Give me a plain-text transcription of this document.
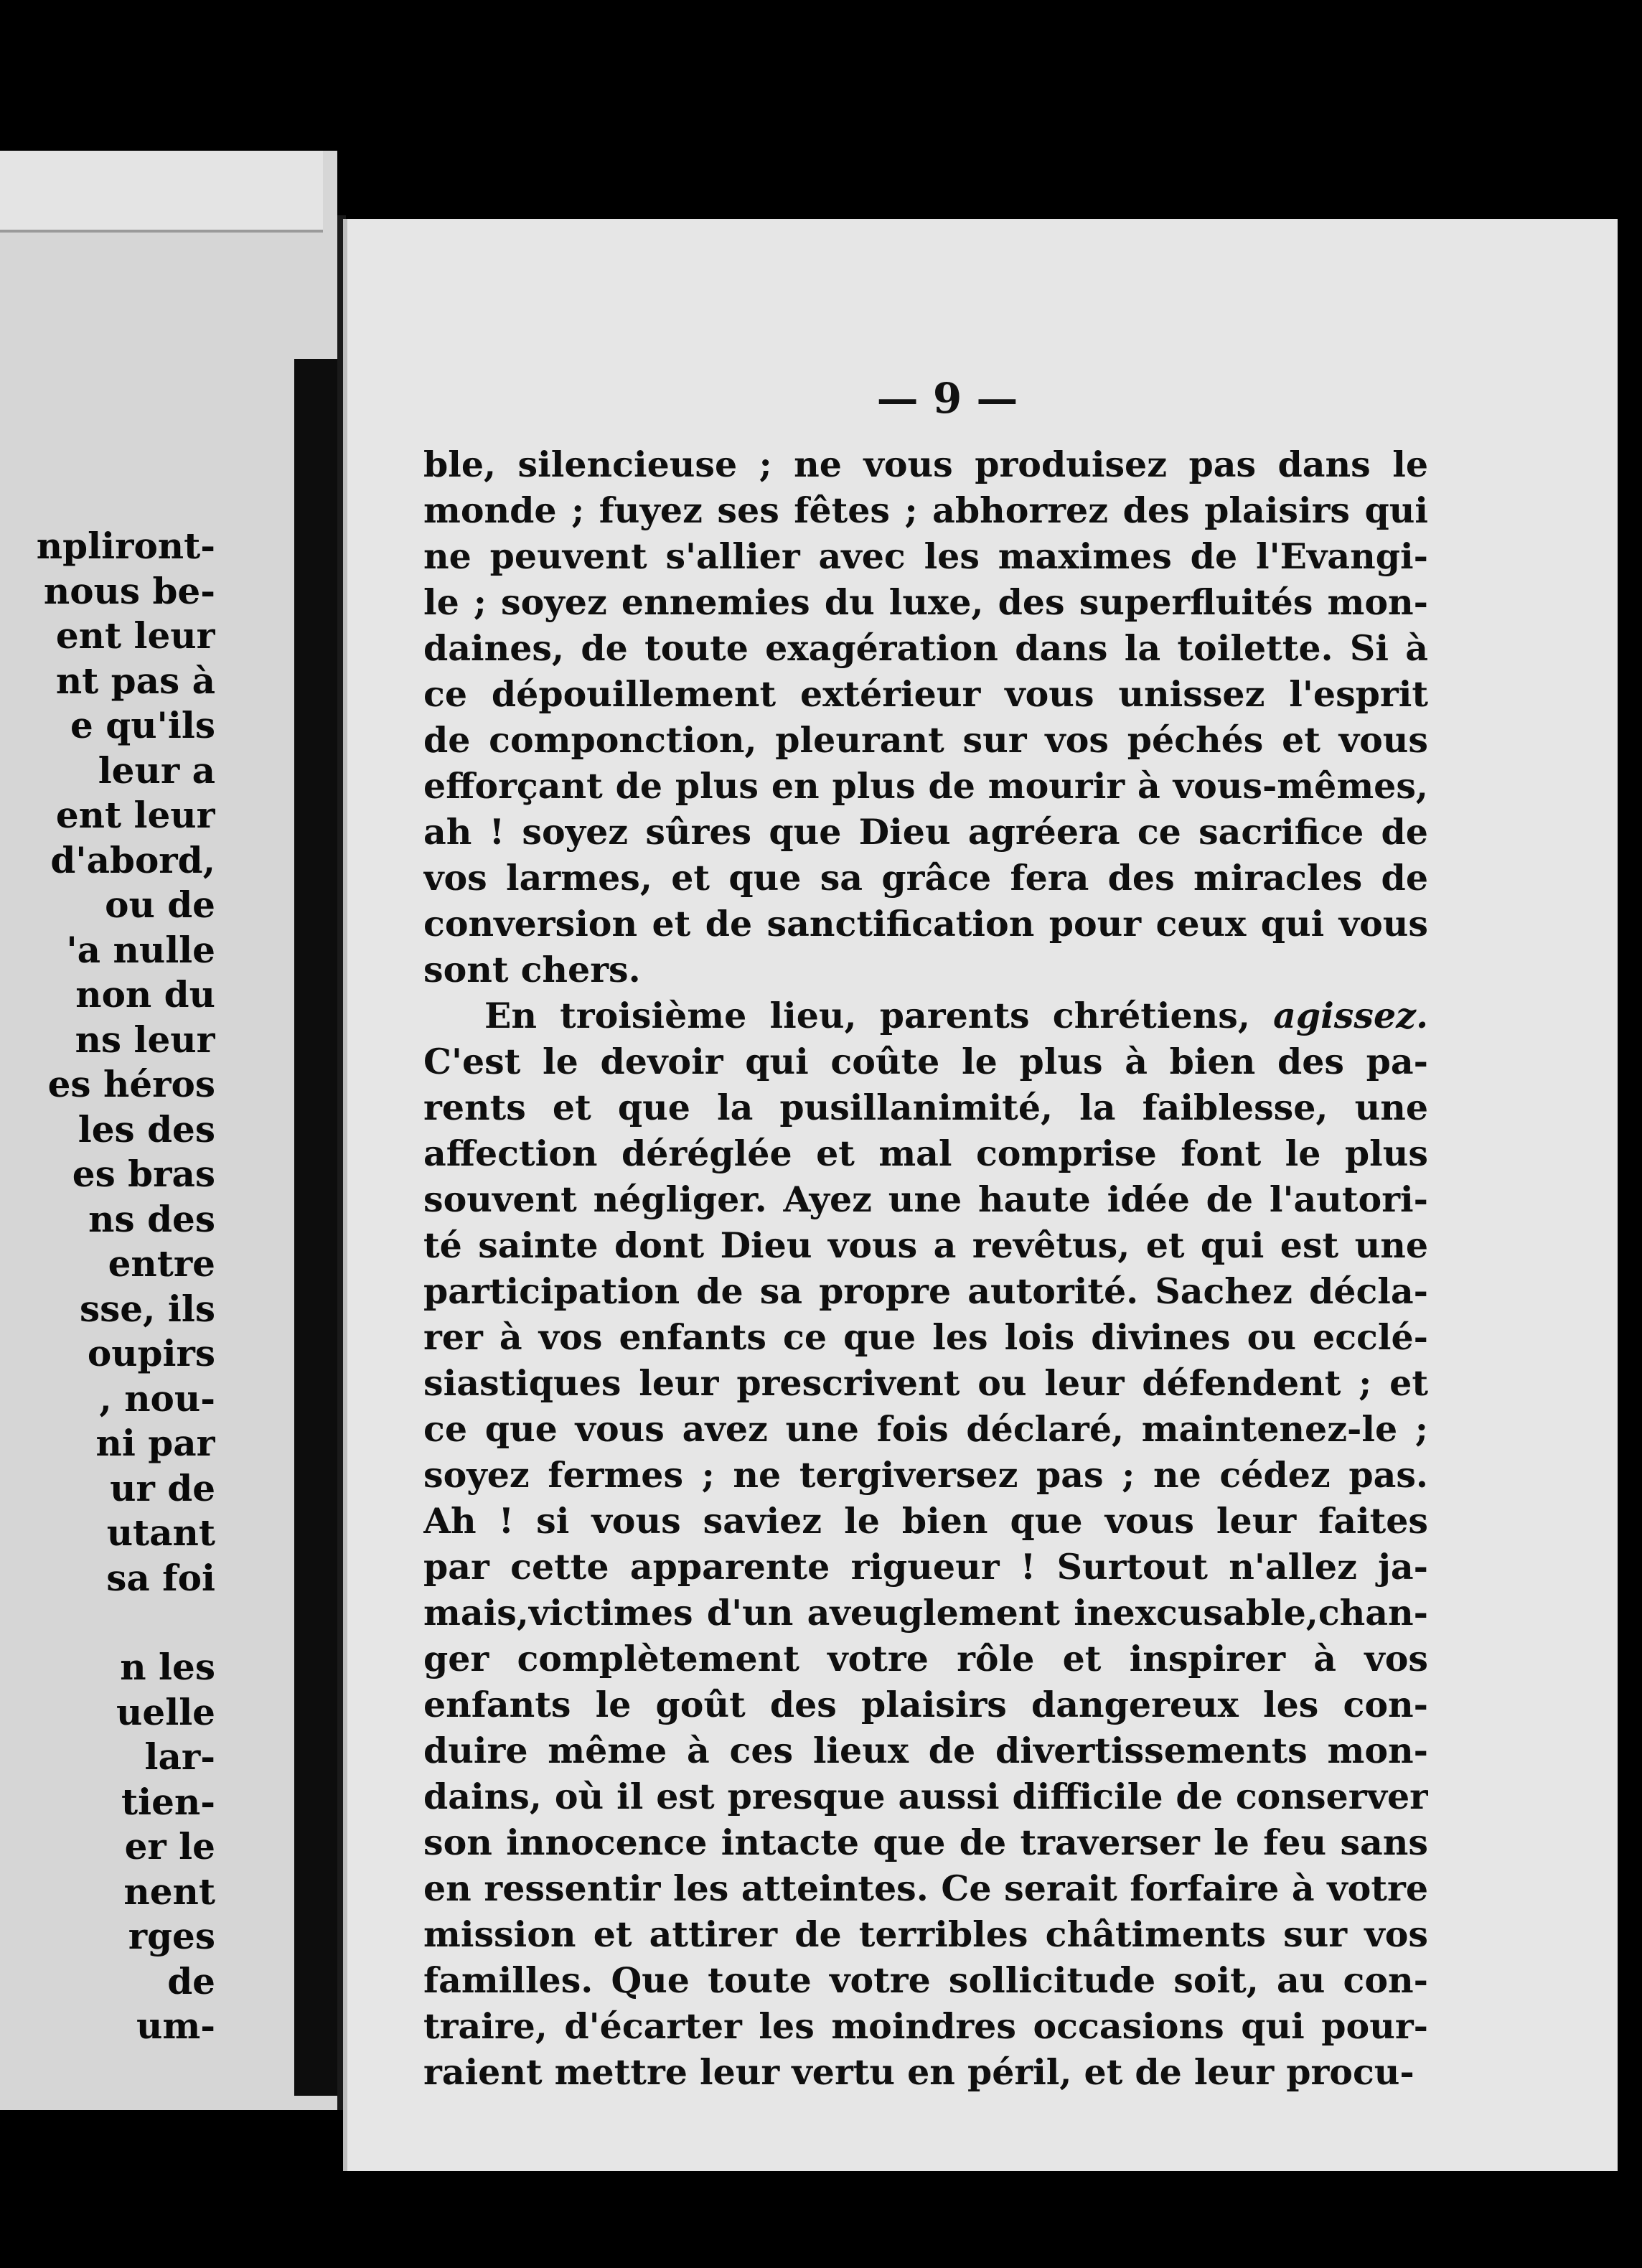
npliront-
nous be-
ent leur
nt pas à
e qu'ils
leur a
ent leur
d'abord,
ou de
'a nulle
non du
ns leur
es héros
les des
es bras
ns des
entre
sse, ils
oupirs
, nou-
ni par
ur de
utant
sa foi
n les
uelle
lar-
tien-
er le
nent
rges
de
um-
— 9 —
ble, silencieuse ; ne vous produisez pas dans le
monde ; fuyez ses fêtes ; abhorrez des plaisirs qui
ne peuvent s'allier avec les maximes de l'Evangi-
le ; soyez ennemies du luxe, des superfluités mon-
daines, de toute exagération dans la toilette. Si à
ce dépouillement extérieur vous unissez l'esprit
de componction, pleurant sur vos péchés et vous
efforçant de plus en plus de mourir à vous-mêmes,
ah ! soyez sûres que Dieu agréera ce sacrifice de
vos larmes, et que sa grâce fera des miracles de
conversion et de sanctification pour ceux qui vous
sont chers.
En troisième lieu, parents chrétiens, agissez.
C'est le devoir qui coûte le plus à bien des pa-
rents et que la pusillanimité, la faiblesse, une
affection déréglée et mal comprise font le plus
souvent négliger. Ayez une haute idée de l'autori-
té sainte dont Dieu vous a revêtus, et qui est une
participation de sa propre autorité. Sachez décla-
rer à vos enfants ce que les lois divines ou ecclé-
siastiques leur prescrivent ou leur défendent ; et
ce que vous avez une fois déclaré, maintenez-le ;
soyez fermes ; ne tergiversez pas ; ne cédez pas.
Ah ! si vous saviez le bien que vous leur faites
par cette apparente rigueur ! Surtout n'allez ja-
mais,victimes d'un aveuglement inexcusable,chan-
ger complètement votre rôle et inspirer à vos
enfants le goût des plaisirs dangereux les con-
duire même à ces lieux de divertissements mon-
dains, où il est presque aussi difficile de conserver
son innocence intacte que de traverser le feu sans
en ressentir les atteintes. Ce serait forfaire à votre
mission et attirer de terribles châtiments sur vos
familles. Que toute votre sollicitude soit, au con-
traire, d'écarter les moindres occasions qui pour-
raient mettre leur vertu en péril, et de leur procu-
